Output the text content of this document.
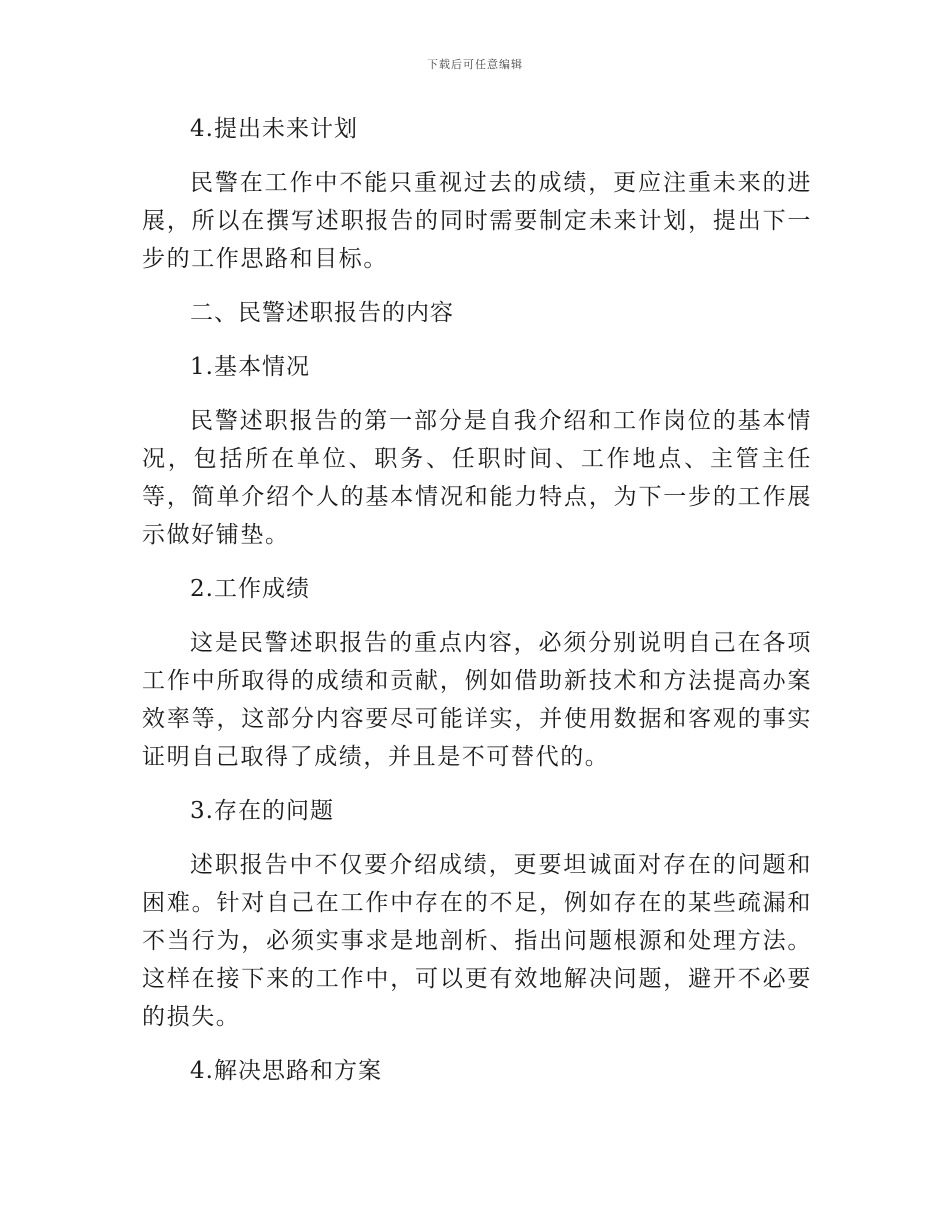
下载后可任意编辑

4.提出未来计划

民警在工作中不能只重视过去的成绩，更应注重未来的进展，所以在撰写述职报告的同时需要制定未来计划，提出下一步的工作思路和目标。

二、民警述职报告的内容

1.基本情况

民警述职报告的第一部分是自我介绍和工作岗位的基本情况，包括所在单位、职务、任职时间、工作地点、主管主任等，简单介绍个人的基本情况和能力特点，为下一步的工作展示做好铺垫。

2.工作成绩

这是民警述职报告的重点内容，必须分别说明自己在各项工作中所取得的成绩和贡献，例如借助新技术和方法提高办案效率等，这部分内容要尽可能详实，并使用数据和客观的事实证明自己取得了成绩，并且是不可替代的。

3.存在的问题

述职报告中不仅要介绍成绩，更要坦诚面对存在的问题和困难。针对自己在工作中存在的不足，例如存在的某些疏漏和不当行为，必须实事求是地剖析、指出问题根源和处理方法。这样在接下来的工作中，可以更有效地解决问题，避开不必要的损失。

4.解决思路和方案
